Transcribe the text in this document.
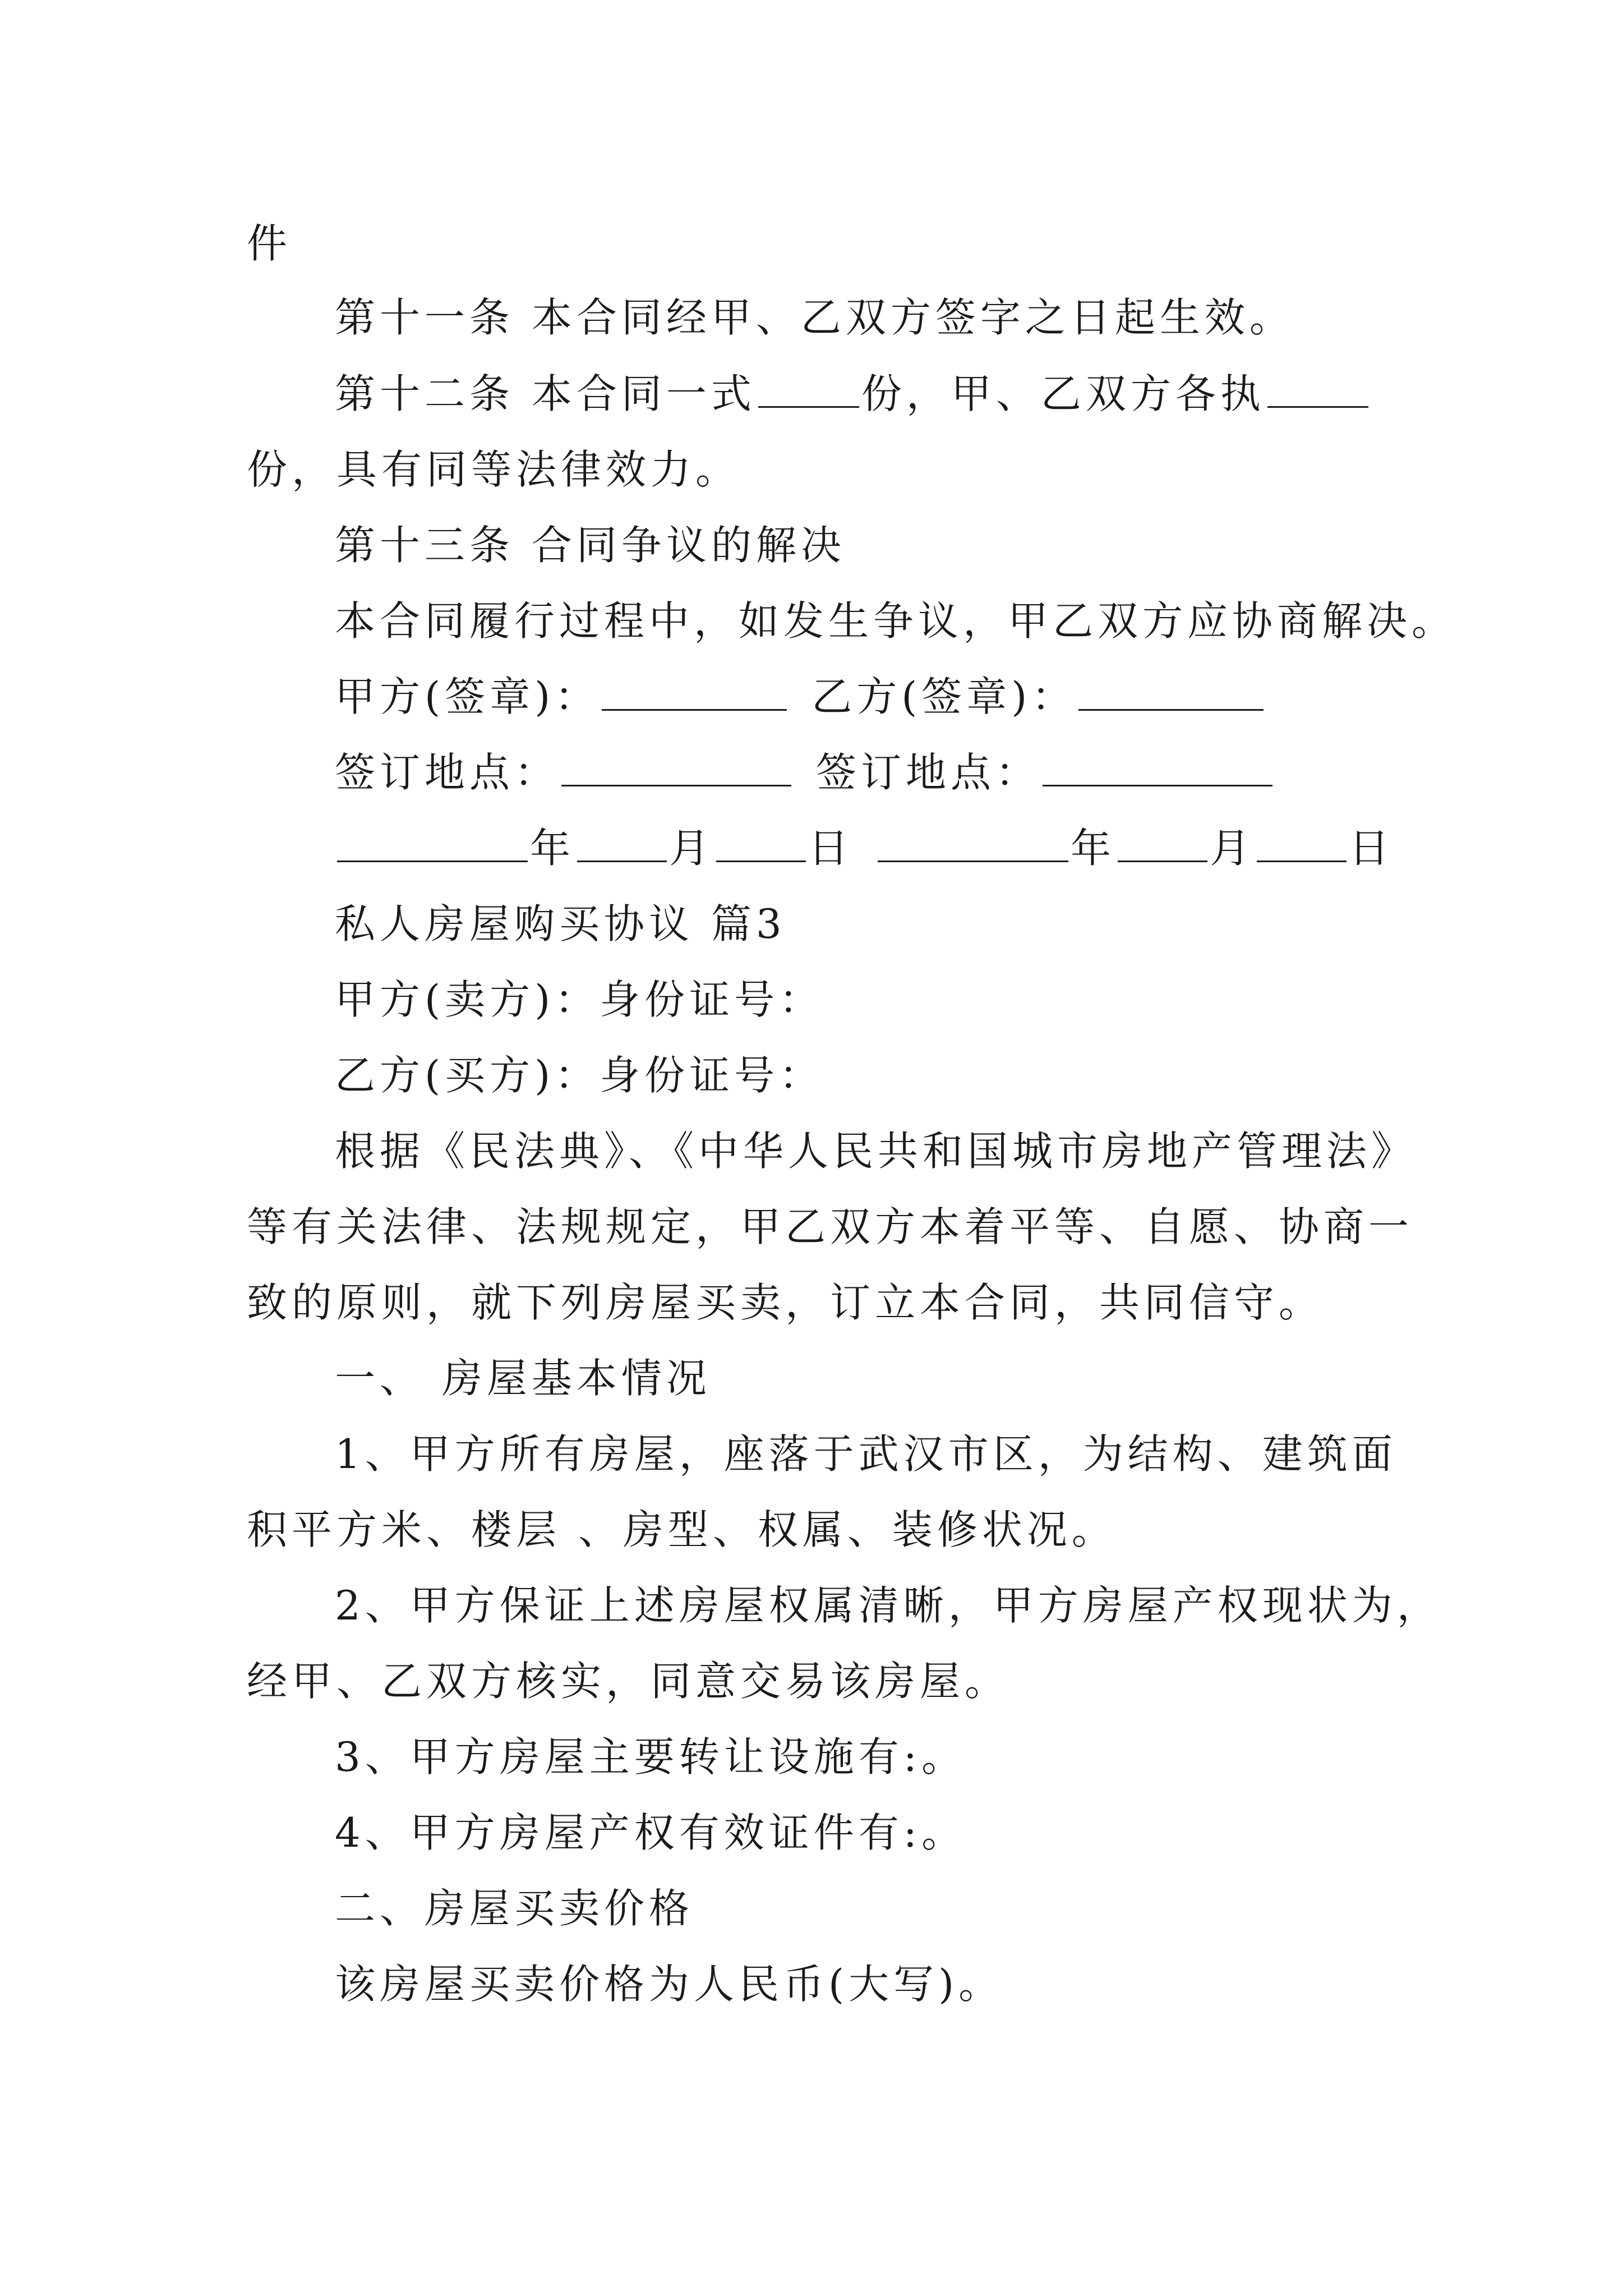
件
第十一条 本合同经甲、乙双方签字之日起生效。
第十二条 本合同一式	份，甲、乙双方各执
份，具有同等法律效力。
第十三条 合同争议的解决
本合同履行过程中，如发生争议，甲乙双方应协商解决。
甲方(签章)：	乙方(签章)：
签订地点：	签订地点：
年 月 日	年 月 日
私人房屋购买协议 篇3
甲方(卖方)：身份证号：
乙方(买方)：身份证号：
根据《民法典》、《中华人民共和国城市房地产管理法》
等有关法律、法规规定，甲乙双方本着平等、自愿、协商一
致的原则，就下列房屋买卖，订立本合同，共同信守。
一、 房屋基本情况
1、甲方所有房屋，座落于武汉市区，为结构、建筑面
积平方米、楼层 、房型、权属、装修状况。
2、甲方保证上述房屋权属清晰，甲方房屋产权现状为，
经甲、乙双方核实，同意交易该房屋。
3、甲方房屋主要转让设施有:。
4、甲方房屋产权有效证件有:。
二、房屋买卖价格
该房屋买卖价格为人民币(大写)。
